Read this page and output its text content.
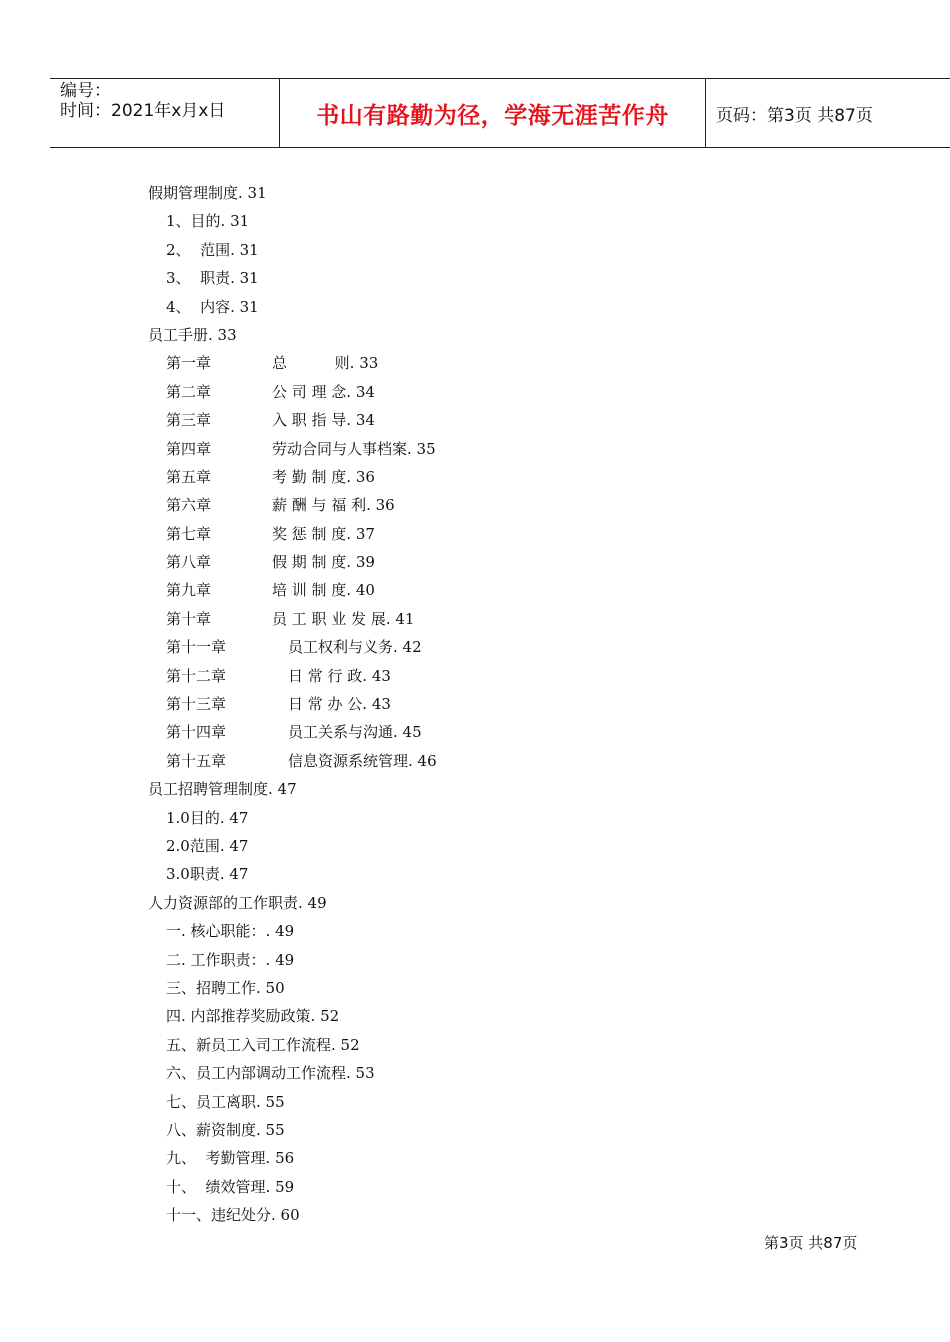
编号：
时间：2021年x月x日	书山有路勤为径，学海无涯苦作舟	页码：第3页 共87页
假期管理制度. 31
1、目的. 31
2、  范围. 31
3、  职责. 31
4、  内容. 31
员工手册. 33
第一章	总          则. 33
第二章	公 司 理 念. 34
第三章	入 职 指 导. 34
第四章	劳动合同与人事档案. 35
第五章	考 勤 制 度. 36
第六章	薪 酬 与 福 利. 36
第七章	奖 惩 制 度. 37
第八章	假 期 制 度. 39
第九章	培 训 制 度. 40
第十章	员 工 职 业 发 展. 41
第十一章	员工权利与义务. 42
第十二章	日 常 行 政. 43
第十三章	日 常 办 公. 43
第十四章	员工关系与沟通. 45
第十五章	信息资源系统管理. 46
员工招聘管理制度. 47
1.0目的. 47
2.0范围. 47
3.0职责. 47
人力资源部的工作职责. 49
一. 核心职能：. 49
二. 工作职责：. 49
三、招聘工作. 50
四. 内部推荐奖励政策. 52
五、新员工入司工作流程. 52
六、员工内部调动工作流程. 53
七、员工离职. 55
八、薪资制度. 55
九、  考勤管理. 56
十、  绩效管理. 59
十一、违纪处分. 60
第3页 共87页
